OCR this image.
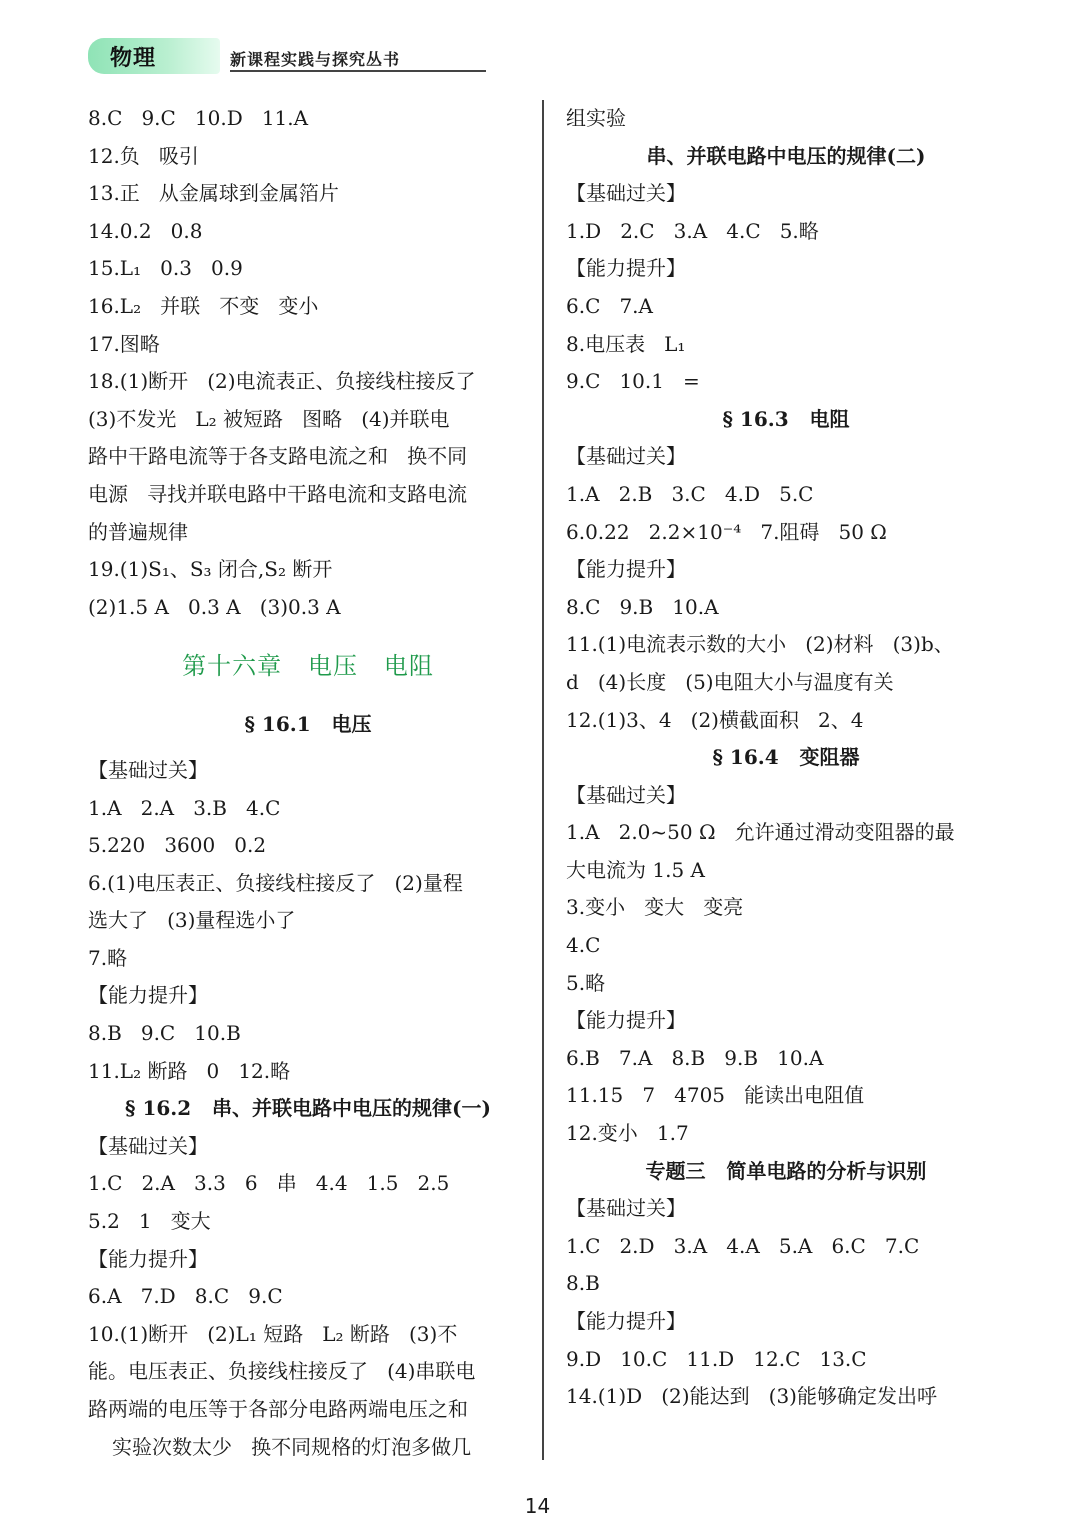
物理	新课程实践与探究丛书
8.C   9.C   10.D   11.A
12.负   吸引
13.正   从金属球到金属箔片
14.0.2   0.8
15.L₁   0.3   0.9
16.L₂   并联   不变   变小
17.图略
18.(1)断开   (2)电流表正、负接线柱接反了
(3)不发光   L₂ 被短路   图略   (4)并联电
路中干路电流等于各支路电流之和   换不同
电源   寻找并联电路中干路电流和支路电流
的普遍规律
19.(1)S₁、S₃ 闭合,S₂ 断开
(2)1.5 A   0.3 A   (3)0.3 A
第十六章   电压   电阻
§ 16.1   电压
【基础过关】
1.A   2.A   3.B   4.C
5.220   3600   0.2
6.(1)电压表正、负接线柱接反了   (2)量程
选大了   (3)量程选小了
7.略
【能力提升】
8.B   9.C   10.B
11.L₂ 断路   0   12.略
§ 16.2   串、并联电路中电压的规律(一)
【基础过关】
1.C   2.A   3.3   6   串   4.4   1.5   2.5
5.2   1   变大
【能力提升】
6.A   7.D   8.C   9.C
10.(1)断开   (2)L₁ 短路   L₂ 断路   (3)不
能。电压表正、负接线柱接反了   (4)串联电
路两端的电压等于各部分电路两端电压之和
实验次数太少   换不同规格的灯泡多做几
组实验
串、并联电路中电压的规律(二)
【基础过关】
1.D   2.C   3.A   4.C   5.略
【能力提升】
6.C   7.A
8.电压表   L₁
9.C   10.1   =
§ 16.3   电阻
【基础过关】
1.A   2.B   3.C   4.D   5.C
6.0.22   2.2×10⁻⁴   7.阻碍   50 Ω
【能力提升】
8.C   9.B   10.A
11.(1)电流表示数的大小   (2)材料   (3)b、
d   (4)长度   (5)电阻大小与温度有关
12.(1)3、4   (2)横截面积   2、4
§ 16.4   变阻器
【基础过关】
1.A   2.0~50 Ω   允许通过滑动变阻器的最
大电流为 1.5 A
3.变小   变大   变亮
4.C
5.略
【能力提升】
6.B   7.A   8.B   9.B   10.A
11.15   7   4705   能读出电阻值
12.变小   1.7
专题三   简单电路的分析与识别
【基础过关】
1.C   2.D   3.A   4.A   5.A   6.C   7.C
8.B
【能力提升】
9.D   10.C   11.D   12.C   13.C
14.(1)D   (2)能达到   (3)能够确定发出呼
14
